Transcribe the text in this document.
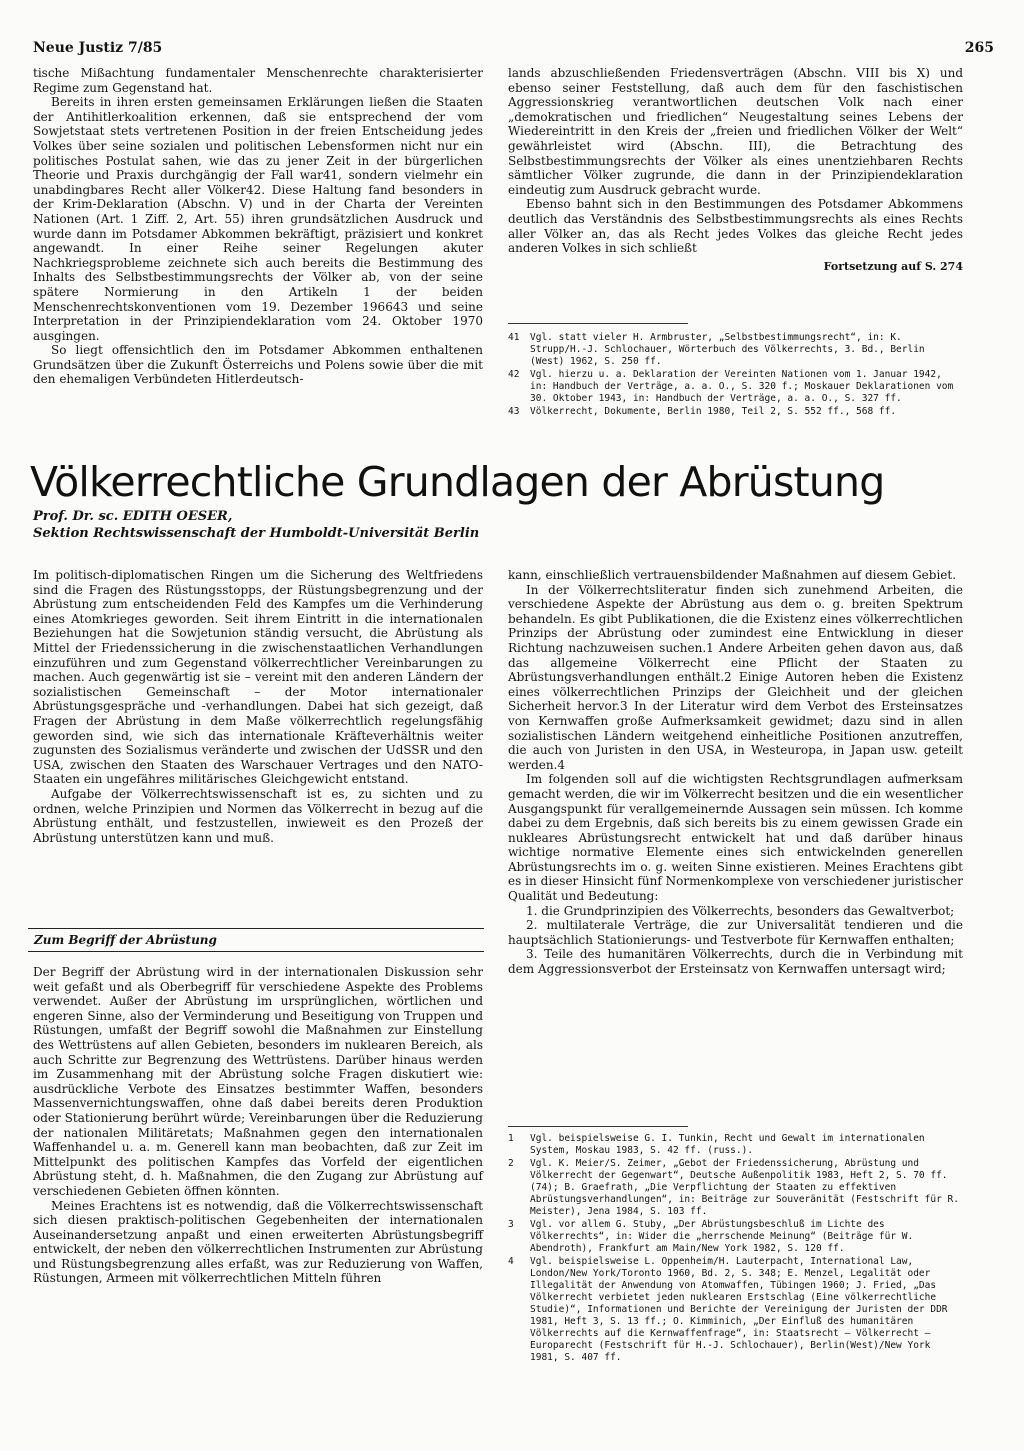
Neue Justiz 7/85	265

tische Mißachtung fundamentaler Menschenrechte charakterisierter Regime zum Gegenstand hat.

Bereits in ihren ersten gemeinsamen Erklärungen ließen die Staaten der Antihitlerkoalition erkennen, daß sie entsprechend der vom Sowjetstaat stets vertretenen Position in der freien Entscheidung jedes Volkes über seine sozialen und politischen Lebensformen nicht nur ein politisches Postulat sahen, wie das zu jener Zeit in der bürgerlichen Theorie und Praxis durchgängig der Fall war41, sondern vielmehr ein unabdingbares Recht aller Völker42. Diese Haltung fand besonders in der Krim-Deklaration (Abschn. V) und in der Charta der Vereinten Nationen (Art. 1 Ziff. 2, Art. 55) ihren grundsätzlichen Ausdruck und wurde dann im Potsdamer Abkommen bekräftigt, präzisiert und konkret angewandt. In einer Reihe seiner Regelungen akuter Nachkriegsprobleme zeichnete sich auch bereits die Bestimmung des Inhalts des Selbstbestimmungsrechts der Völker ab, von der seine spätere Normierung in den Artikeln 1 der beiden Menschenrechtskonventionen vom 19. Dezember 196643 und seine Interpretation in der Prinzipiendeklaration vom 24. Oktober 1970 ausgingen.

So liegt offensichtlich den im Potsdamer Abkommen enthaltenen Grundsätzen über die Zukunft Österreichs und Polens sowie über die mit den ehemaligen Verbündeten Hitlerdeutsch-

lands abzuschließenden Friedensverträgen (Abschn. VIII bis X) und ebenso seiner Feststellung, daß auch dem für den faschistischen Aggressionskrieg verantwortlichen deutschen Volk nach einer „demokratischen und friedlichen“ Neugestaltung seines Lebens der Wiedereintritt in den Kreis der „freien und friedlichen Völker der Welt“ gewährleistet wird (Abschn. III), die Betrachtung des Selbstbestimmungsrechts der Völker als eines unentziehbaren Rechts sämtlicher Völker zugrunde, die dann in der Prinzipiendeklaration eindeutig zum Ausdruck gebracht wurde.

Ebenso bahnt sich in den Bestimmungen des Potsdamer Abkommens deutlich das Verständnis des Selbstbestimmungsrechts als eines Rechts aller Völker an, das als Recht jedes Volkes das gleiche Recht jedes anderen Volkes in sich schließt

Fortsetzung auf S. 274

41	Vgl. statt vieler H. Armbruster, „Selbstbestimmungsrecht“, in: K. Strupp/H.-J. Schlochauer, Wörterbuch des Völkerrechts, 3. Bd., Berlin (West) 1962, S. 250 ff.
42	Vgl. hierzu u. a. Deklaration der Vereinten Nationen vom 1. Januar 1942, in: Handbuch der Verträge, a. a. O., S. 320 f.; Moskauer Deklarationen vom 30. Oktober 1943, in: Handbuch der Verträge, a. a. O., S. 327 ff.
43	Völkerrecht, Dokumente, Berlin 1980, Teil 2, S. 552 ff., 568 ff.
Völkerrechtliche Grundlagen der Abrüstung
Prof. Dr. sc. EDITH OESER,
Sektion Rechtswissenschaft der Humboldt-Universität Berlin

Im politisch-diplomatischen Ringen um die Sicherung des Weltfriedens sind die Fragen des Rüstungsstopps, der Rüstungsbegrenzung und der Abrüstung zum entscheidenden Feld des Kampfes um die Verhinderung eines Atomkrieges geworden. Seit ihrem Eintritt in die internationalen Beziehungen hat die Sowjetunion ständig versucht, die Abrüstung als Mittel der Friedenssicherung in die zwischenstaatlichen Verhandlungen einzuführen und zum Gegenstand völkerrechtlicher Vereinbarungen zu machen. Auch gegenwärtig ist sie – vereint mit den anderen Ländern der sozialistischen Gemeinschaft – der Motor internationaler Abrüstungsgespräche und -verhandlungen. Dabei hat sich gezeigt, daß Fragen der Abrüstung in dem Maße völkerrechtlich regelungsfähig geworden sind, wie sich das internationale Kräfteverhältnis weiter zugunsten des Sozialismus veränderte und zwischen der UdSSR und den USA, zwischen den Staaten des Warschauer Vertrages und den NATO-Staaten ein ungefähres militärisches Gleichgewicht entstand.

Aufgabe der Völkerrechtswissenschaft ist es, zu sichten und zu ordnen, welche Prinzipien und Normen das Völkerrecht in bezug auf die Abrüstung enthält, und festzustellen, inwieweit es den Prozeß der Abrüstung unterstützen kann und muß.

Zum Begriff der Abrüstung

Der Begriff der Abrüstung wird in der internationalen Diskussion sehr weit gefaßt und als Oberbegriff für verschiedene Aspekte des Problems verwendet. Außer der Abrüstung im ursprünglichen, wörtlichen und engeren Sinne, also der Verminderung und Beseitigung von Truppen und Rüstungen, umfaßt der Begriff sowohl die Maßnahmen zur Einstellung des Wettrüstens auf allen Gebieten, besonders im nuklearen Bereich, als auch Schritte zur Begrenzung des Wettrüstens. Darüber hinaus werden im Zusammenhang mit der Abrüstung solche Fragen diskutiert wie: ausdrückliche Verbote des Einsatzes bestimmter Waffen, besonders Massenvernichtungswaffen, ohne daß dabei bereits deren Produktion oder Stationierung berührt würde; Vereinbarungen über die Reduzierung der nationalen Militäretats; Maßnahmen gegen den internationalen Waffenhandel u. a. m. Generell kann man beobachten, daß zur Zeit im Mittelpunkt des politischen Kampfes das Vorfeld der eigentlichen Abrüstung steht, d. h. Maßnahmen, die den Zugang zur Abrüstung auf verschiedenen Gebieten öffnen könnten.

Meines Erachtens ist es notwendig, daß die Völkerrechtswissenschaft sich diesen praktisch-politischen Gegebenheiten der internationalen Auseinandersetzung anpaßt und einen erweiterten Abrüstungsbegriff entwickelt, der neben den völkerrechtlichen Instrumenten zur Abrüstung und Rüstungsbegrenzung alles erfaßt, was zur Reduzierung von Waffen, Rüstungen, Armeen mit völkerrechtlichen Mitteln führen

kann, einschließlich vertrauensbildender Maßnahmen auf diesem Gebiet.

In der Völkerrechtsliteratur finden sich zunehmend Arbeiten, die verschiedene Aspekte der Abrüstung aus dem o. g. breiten Spektrum behandeln. Es gibt Publikationen, die die Existenz eines völkerrechtlichen Prinzips der Abrüstung oder zumindest eine Entwicklung in dieser Richtung nachzuweisen suchen.1 Andere Arbeiten gehen davon aus, daß das allgemeine Völkerrecht eine Pflicht der Staaten zu Abrüstungsverhandlungen enthält.2 Einige Autoren heben die Existenz eines völkerrechtlichen Prinzips der Gleichheit und der gleichen Sicherheit hervor.3 In der Literatur wird dem Verbot des Ersteinsatzes von Kernwaffen große Aufmerksamkeit gewidmet; dazu sind in allen sozialistischen Ländern weitgehend einheitliche Positionen anzutreffen, die auch von Juristen in den USA, in Westeuropa, in Japan usw. geteilt werden.4

Im folgenden soll auf die wichtigsten Rechtsgrundlagen aufmerksam gemacht werden, die wir im Völkerrecht besitzen und die ein wesentlicher Ausgangspunkt für verallgemeinernde Aussagen sein müssen. Ich komme dabei zu dem Ergebnis, daß sich bereits bis zu einem gewissen Grade ein nukleares Abrüstungsrecht entwickelt hat und daß darüber hinaus wichtige normative Elemente eines sich entwickelnden generellen Abrüstungsrechts im o. g. weiten Sinne existieren. Meines Erachtens gibt es in dieser Hinsicht fünf Normenkomplexe von verschiedener juristischer Qualität und Bedeutung:

1. die Grundprinzipien des Völkerrechts, besonders das Gewaltverbot;

2. multilaterale Verträge, die zur Universalität tendieren und die hauptsächlich Stationierungs- und Testverbote für Kernwaffen enthalten;

3. Teile des humanitären Völkerrechts, durch die in Verbindung mit dem Aggressionsverbot der Ersteinsatz von Kernwaffen untersagt wird;

1	Vgl. beispielsweise G. I. Tunkin, Recht und Gewalt im internationalen System, Moskau 1983, S. 42 ff. (russ.).
2	Vgl. K. Meier/S. Zeimer, „Gebot der Friedenssicherung, Abrüstung und Völkerrecht der Gegenwart“, Deutsche Außenpolitik 1983, Heft 2, S. 70 ff. (74); B. Graefrath, „Die Verpflichtung der Staaten zu effektiven Abrüstungsverhandlungen“, in: Beiträge zur Souveränität (Festschrift für R. Meister), Jena 1984, S. 103 ff.
3	Vgl. vor allem G. Stuby, „Der Abrüstungsbeschluß im Lichte des Völkerrechts“, in: Wider die „herrschende Meinung“ (Beiträge für W. Abendroth), Frankfurt am Main/New York 1982, S. 120 ff.
4	Vgl. beispielsweise L. Oppenheim/H. Lauterpacht, International Law, London/New York/Toronto 1960, Bd. 2, S. 348; E. Menzel, Legalität oder Illegalität der Anwendung von Atomwaffen, Tübingen 1960; J. Fried, „Das Völkerrecht verbietet jeden nuklearen Erstschlag (Eine völkerrechtliche Studie)“, Informationen und Berichte der Vereinigung der Juristen der DDR 1981, Heft 3, S. 13 ff.; O. Kimminich, „Der Einfluß des humanitären Völkerrechts auf die Kernwaffenfrage“, in: Staatsrecht – Völkerrecht – Europarecht (Festschrift für H.-J. Schlochauer), Berlin(West)/New York 1981, S. 407 ff.
